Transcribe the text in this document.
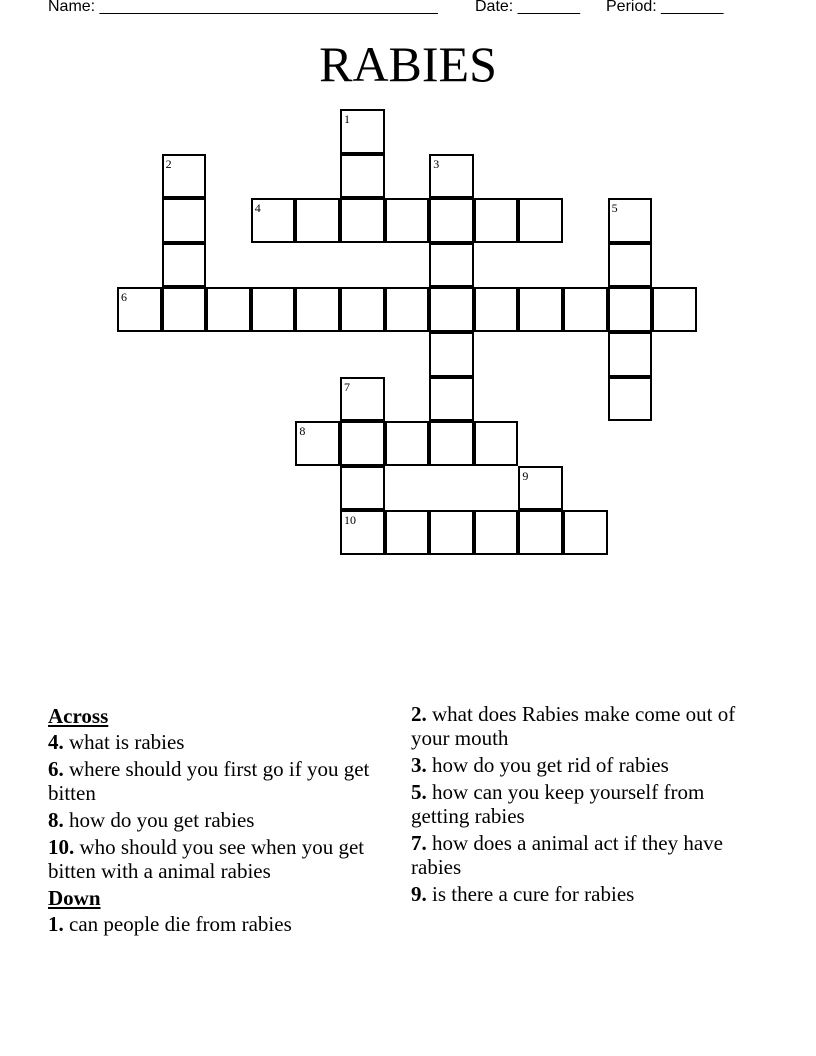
Name: ______________________________________ Date: _______ Period: _______
RABIES
1
2	3
4	5
6
7
10
8
9
Across
4. what is rabies
6. where should you first go if you get bitten
8. how do you get rabies
10. who should you see when you get bitten with a animal rabies
Down
1. can people die from rabies
2. what does Rabies make come out of your mouth
3. how do you get rid of rabies
5. how can you keep yourself from getting rabies
7. how does a animal act if they have rabies
9. is there a cure for rabies
